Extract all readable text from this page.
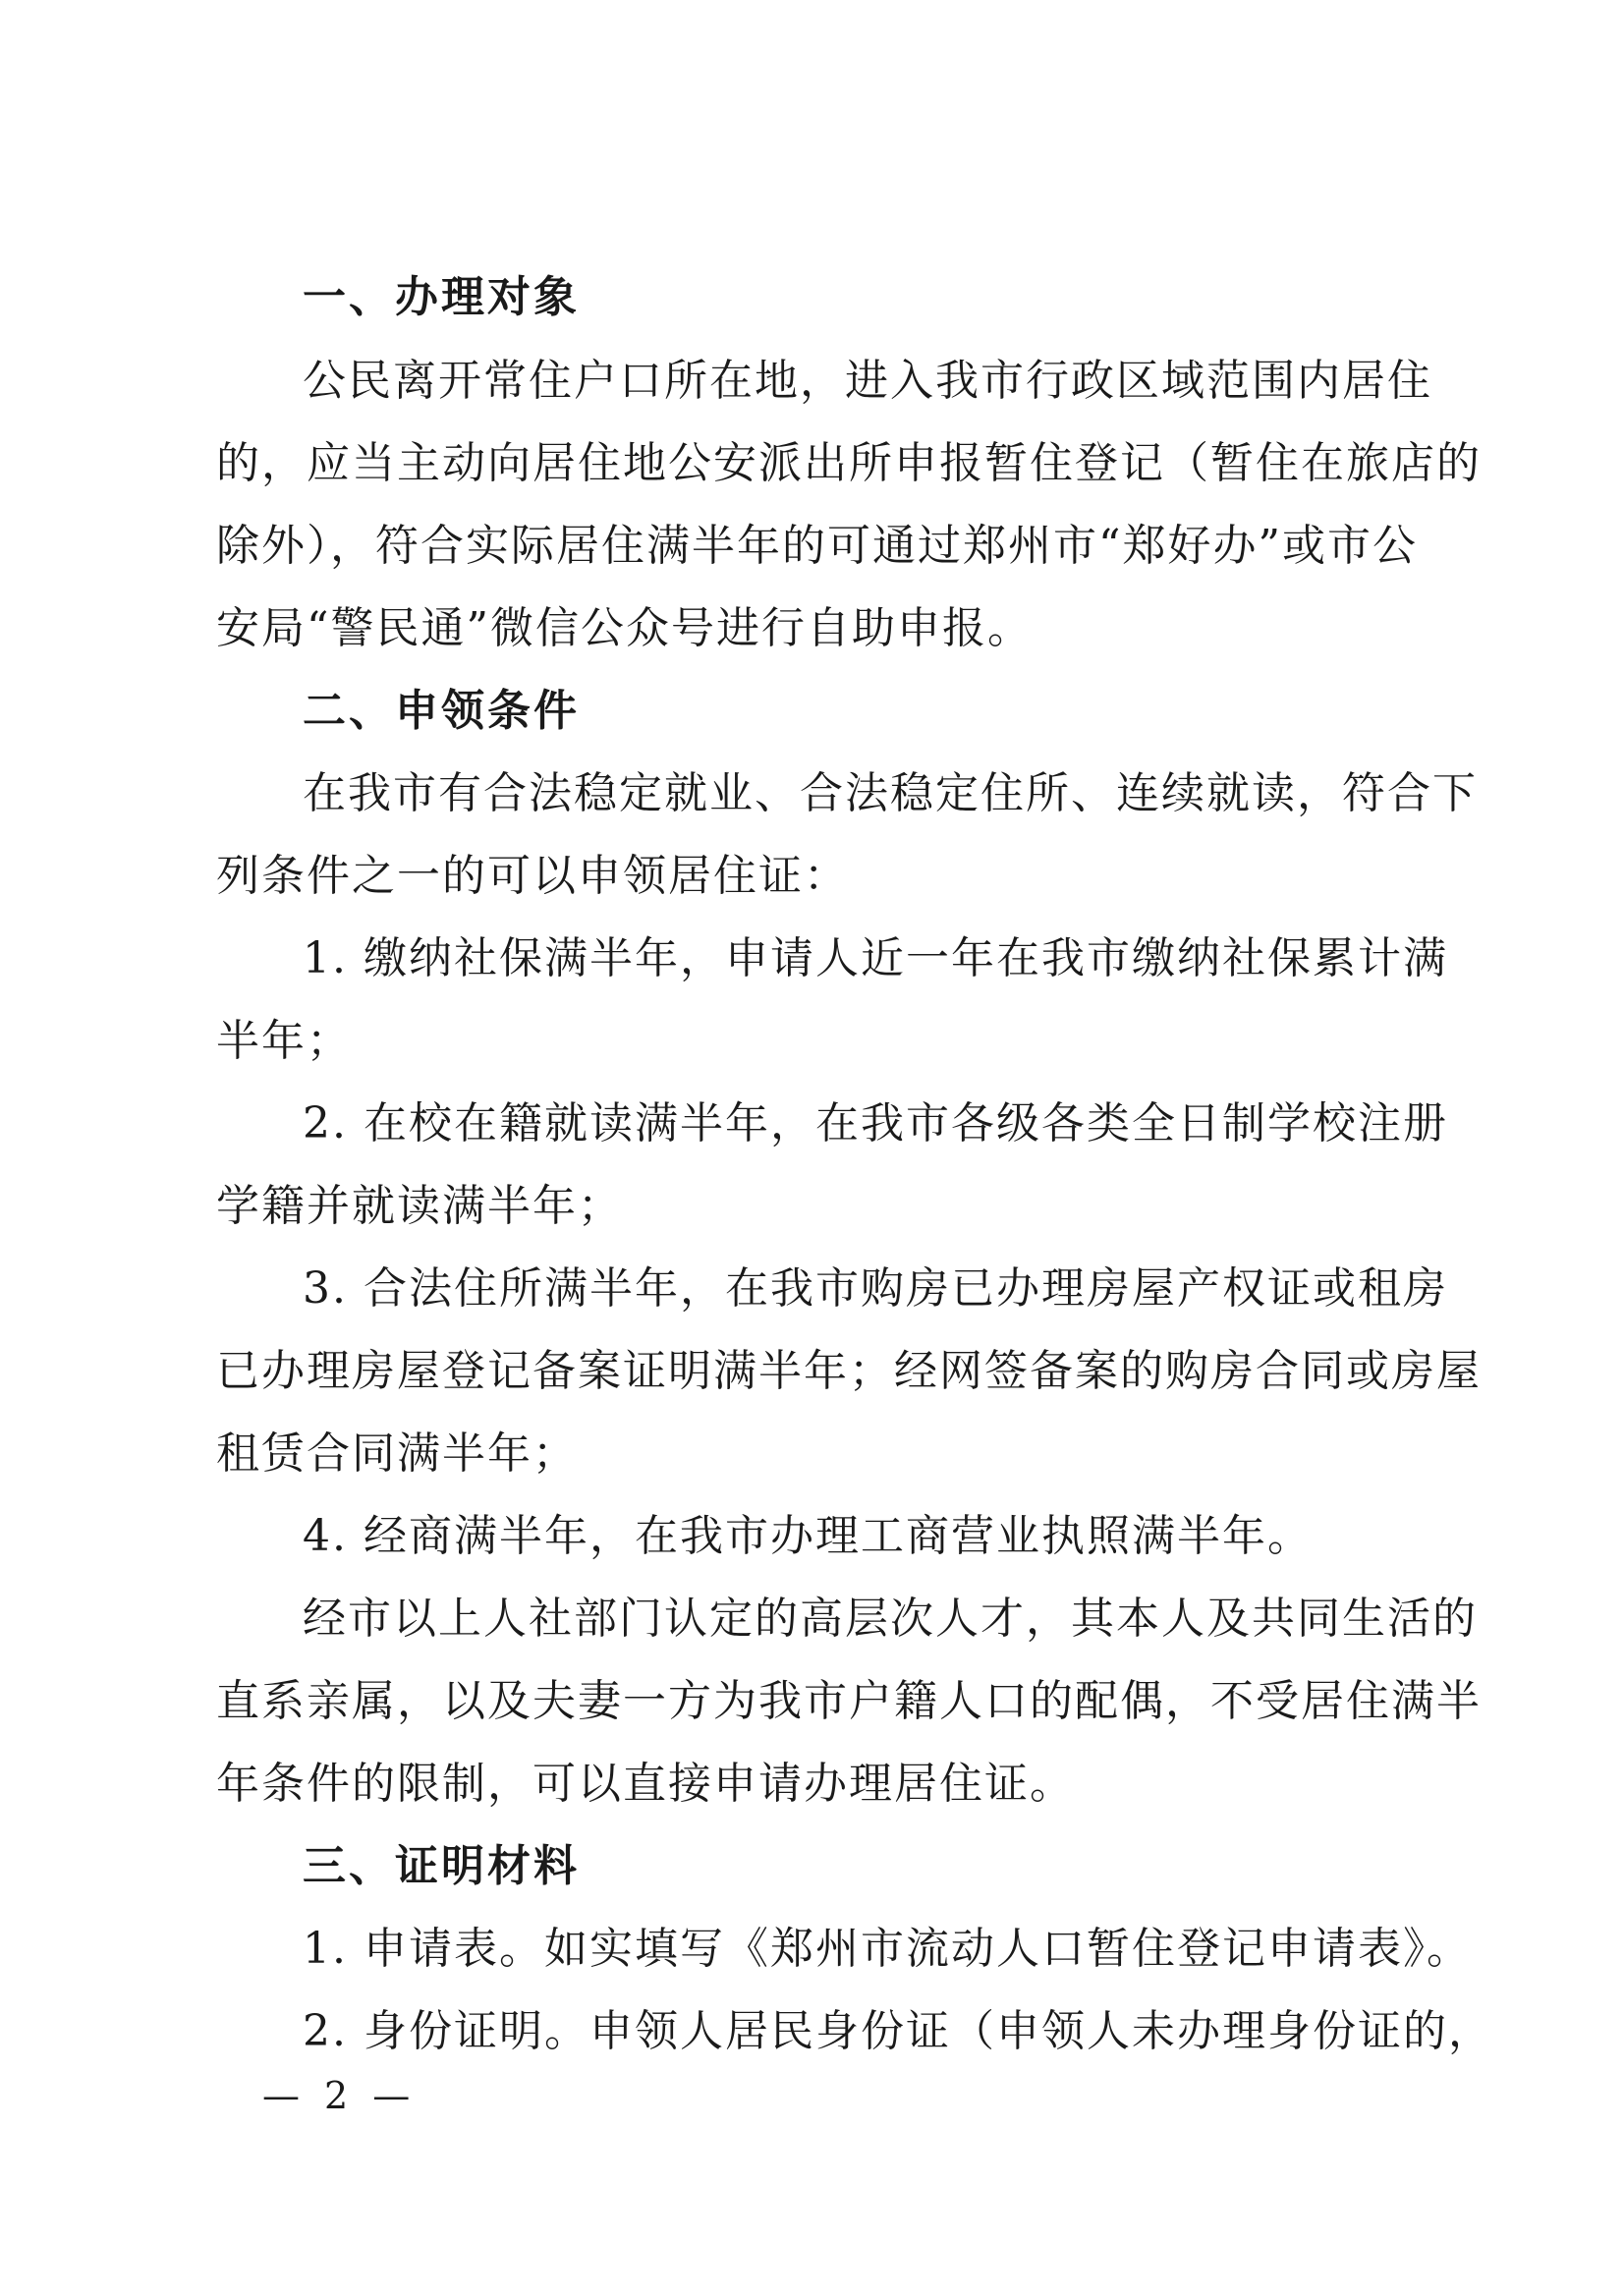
一、办理对象
公民离开常住户口所在地，进入我市行政区域范围内居住
的，应当主动向居住地公安派出所申报暂住登记（暂住在旅店的
除外），符合实际居住满半年的可通过郑州市“郑好办”或市公
安局“警民通”微信公众号进行自助申报。
二、申领条件
在我市有合法稳定就业、合法稳定住所、连续就读，符合下
列条件之一的可以申领居住证：
1. 缴纳社保满半年，申请人近一年在我市缴纳社保累计满
半年；
2. 在校在籍就读满半年，在我市各级各类全日制学校注册
学籍并就读满半年；
3. 合法住所满半年，在我市购房已办理房屋产权证或租房
已办理房屋登记备案证明满半年；经网签备案的购房合同或房屋
租赁合同满半年；
4. 经商满半年，在我市办理工商营业执照满半年。
经市以上人社部门认定的高层次人才，其本人及共同生活的
直系亲属，以及夫妻一方为我市户籍人口的配偶，不受居住满半
年条件的限制，可以直接申请办理居住证。
三、证明材料
1. 申请表。如实填写《郑州市流动人口暂住登记申请表》。
2. 身份证明。申领人居民身份证（申领人未办理身份证的，
— 2 —
